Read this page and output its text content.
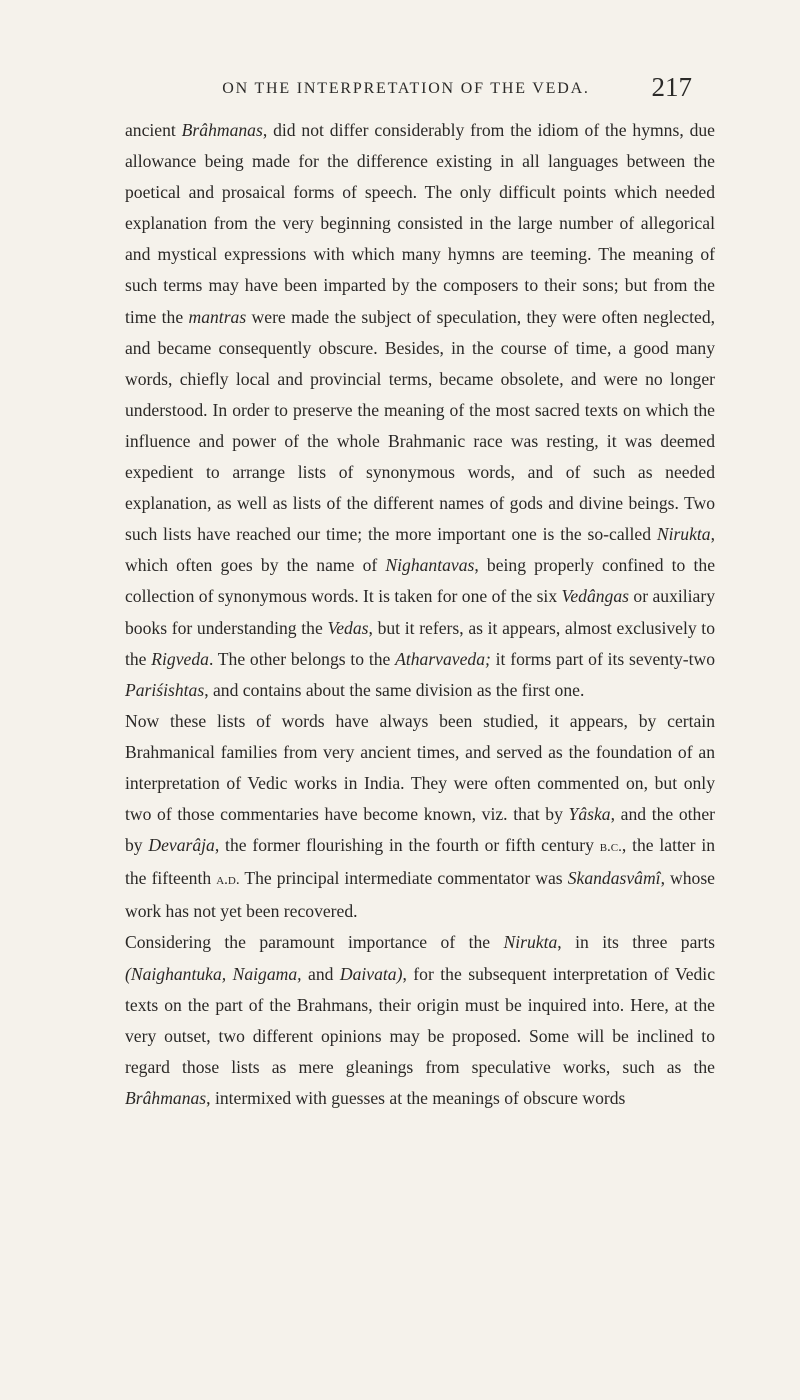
ON THE INTERPRETATION OF THE VEDA.	217

ancient Brâhmanas, did not differ considerably from the idiom of the hymns, due allowance being made for the difference existing in all languages between the poetical and prosaical forms of speech. The only difficult points which needed explanation from the very beginning consisted in the large number of allegorical and mystical expressions with which many hymns are teeming. The meaning of such terms may have been imparted by the composers to their sons; but from the time the mantras were made the subject of speculation, they were often neglected, and became consequently obscure. Besides, in the course of time, a good many words, chiefly local and provincial terms, became obsolete, and were no longer understood. In order to preserve the meaning of the most sacred texts on which the influence and power of the whole Brahmanic race was resting, it was deemed expedient to arrange lists of synonymous words, and of such as needed explanation, as well as lists of the different names of gods and divine beings. Two such lists have reached our time; the more important one is the so-called Nirukta, which often goes by the name of Nighantavas, being properly confined to the collection of synonymous words. It is taken for one of the six Vedângas or auxiliary books for understanding the Vedas, but it refers, as it appears, almost exclusively to the Rigveda. The other belongs to the Atharvaveda; it forms part of its seventy-two Pariśishtas, and contains about the same division as the first one.

Now these lists of words have always been studied, it appears, by certain Brahmanical families from very ancient times, and served as the foundation of an interpretation of Vedic works in India. They were often commented on, but only two of those commentaries have become known, viz. that by Yâska, and the other by Devarâja, the former flourishing in the fourth or fifth century b.c., the latter in the fifteenth a.d. The principal intermediate commentator was Skandasvâmî, whose work has not yet been recovered.

Considering the paramount importance of the Nirukta, in its three parts (Naighantuka, Naigama, and Daivata), for the subsequent interpretation of Vedic texts on the part of the Brahmans, their origin must be inquired into. Here, at the very outset, two different opinions may be proposed. Some will be inclined to regard those lists as mere gleanings from speculative works, such as the Brâhmanas, intermixed with guesses at the meanings of obscure words
